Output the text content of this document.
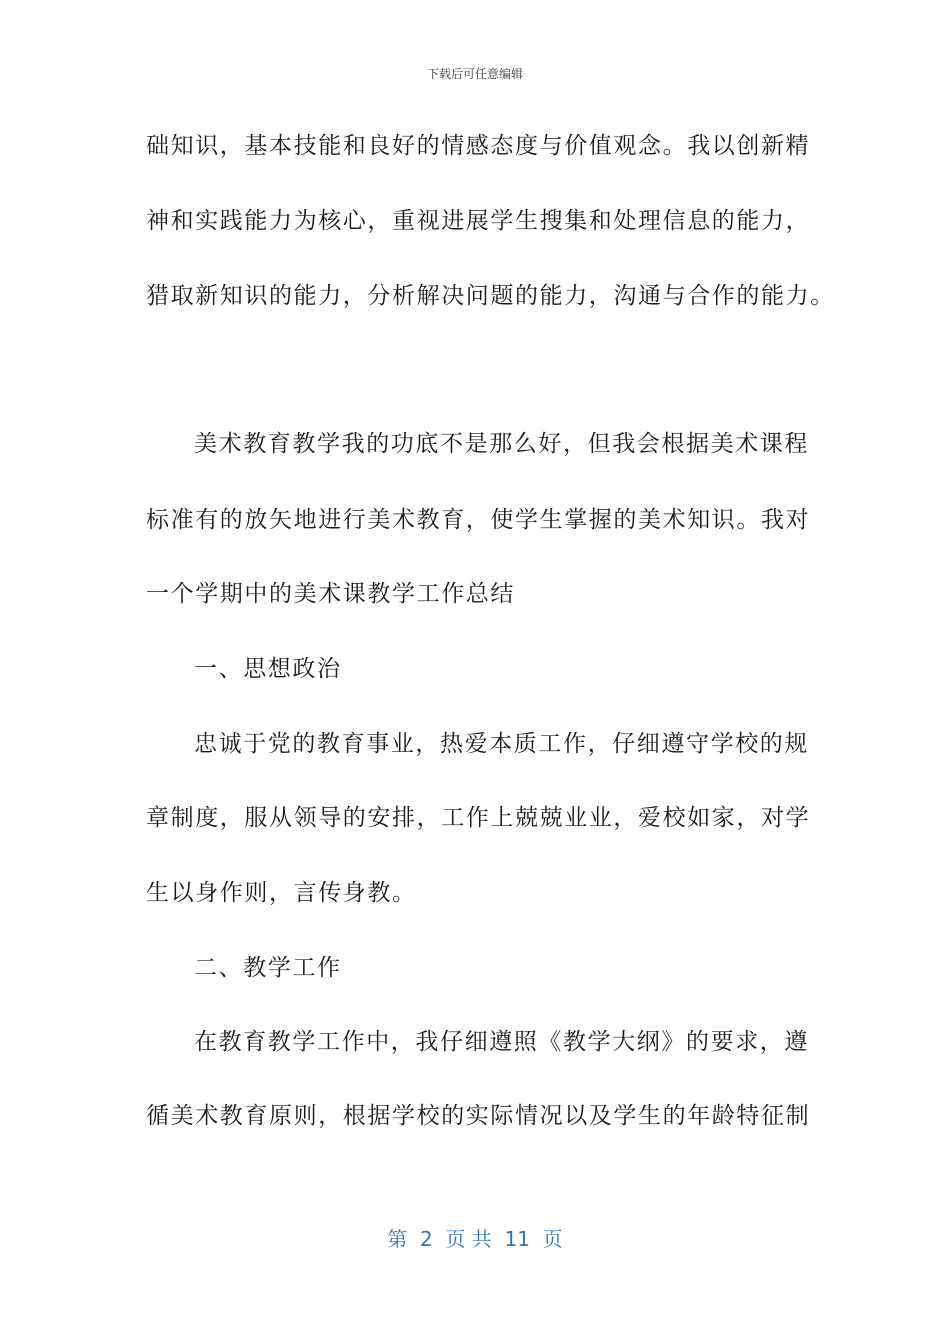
下载后可任意编辑
础知识，基本技能和良好的情感态度与价值观念。我以创新精
神和实践能力为核心，重视进展学生搜集和处理信息的能力，
猎取新知识的能力，分析解决问题的能力，沟通与合作的能力。
美术教育教学我的功底不是那么好，但我会根据美术课程
标准有的放矢地进行美术教育，使学生掌握的美术知识。我对
一个学期中的美术课教学工作总结
一、思想政治
忠诚于党的教育事业，热爱本质工作，仔细遵守学校的规
章制度，服从领导的安排，工作上兢兢业业，爱校如家，对学
生以身作则，言传身教。
二、教学工作
在教育教学工作中，我仔细遵照《教学大纲》的要求，遵
循美术教育原则，根据学校的实际情况以及学生的年龄特征制
第  2  页 共  11  页
